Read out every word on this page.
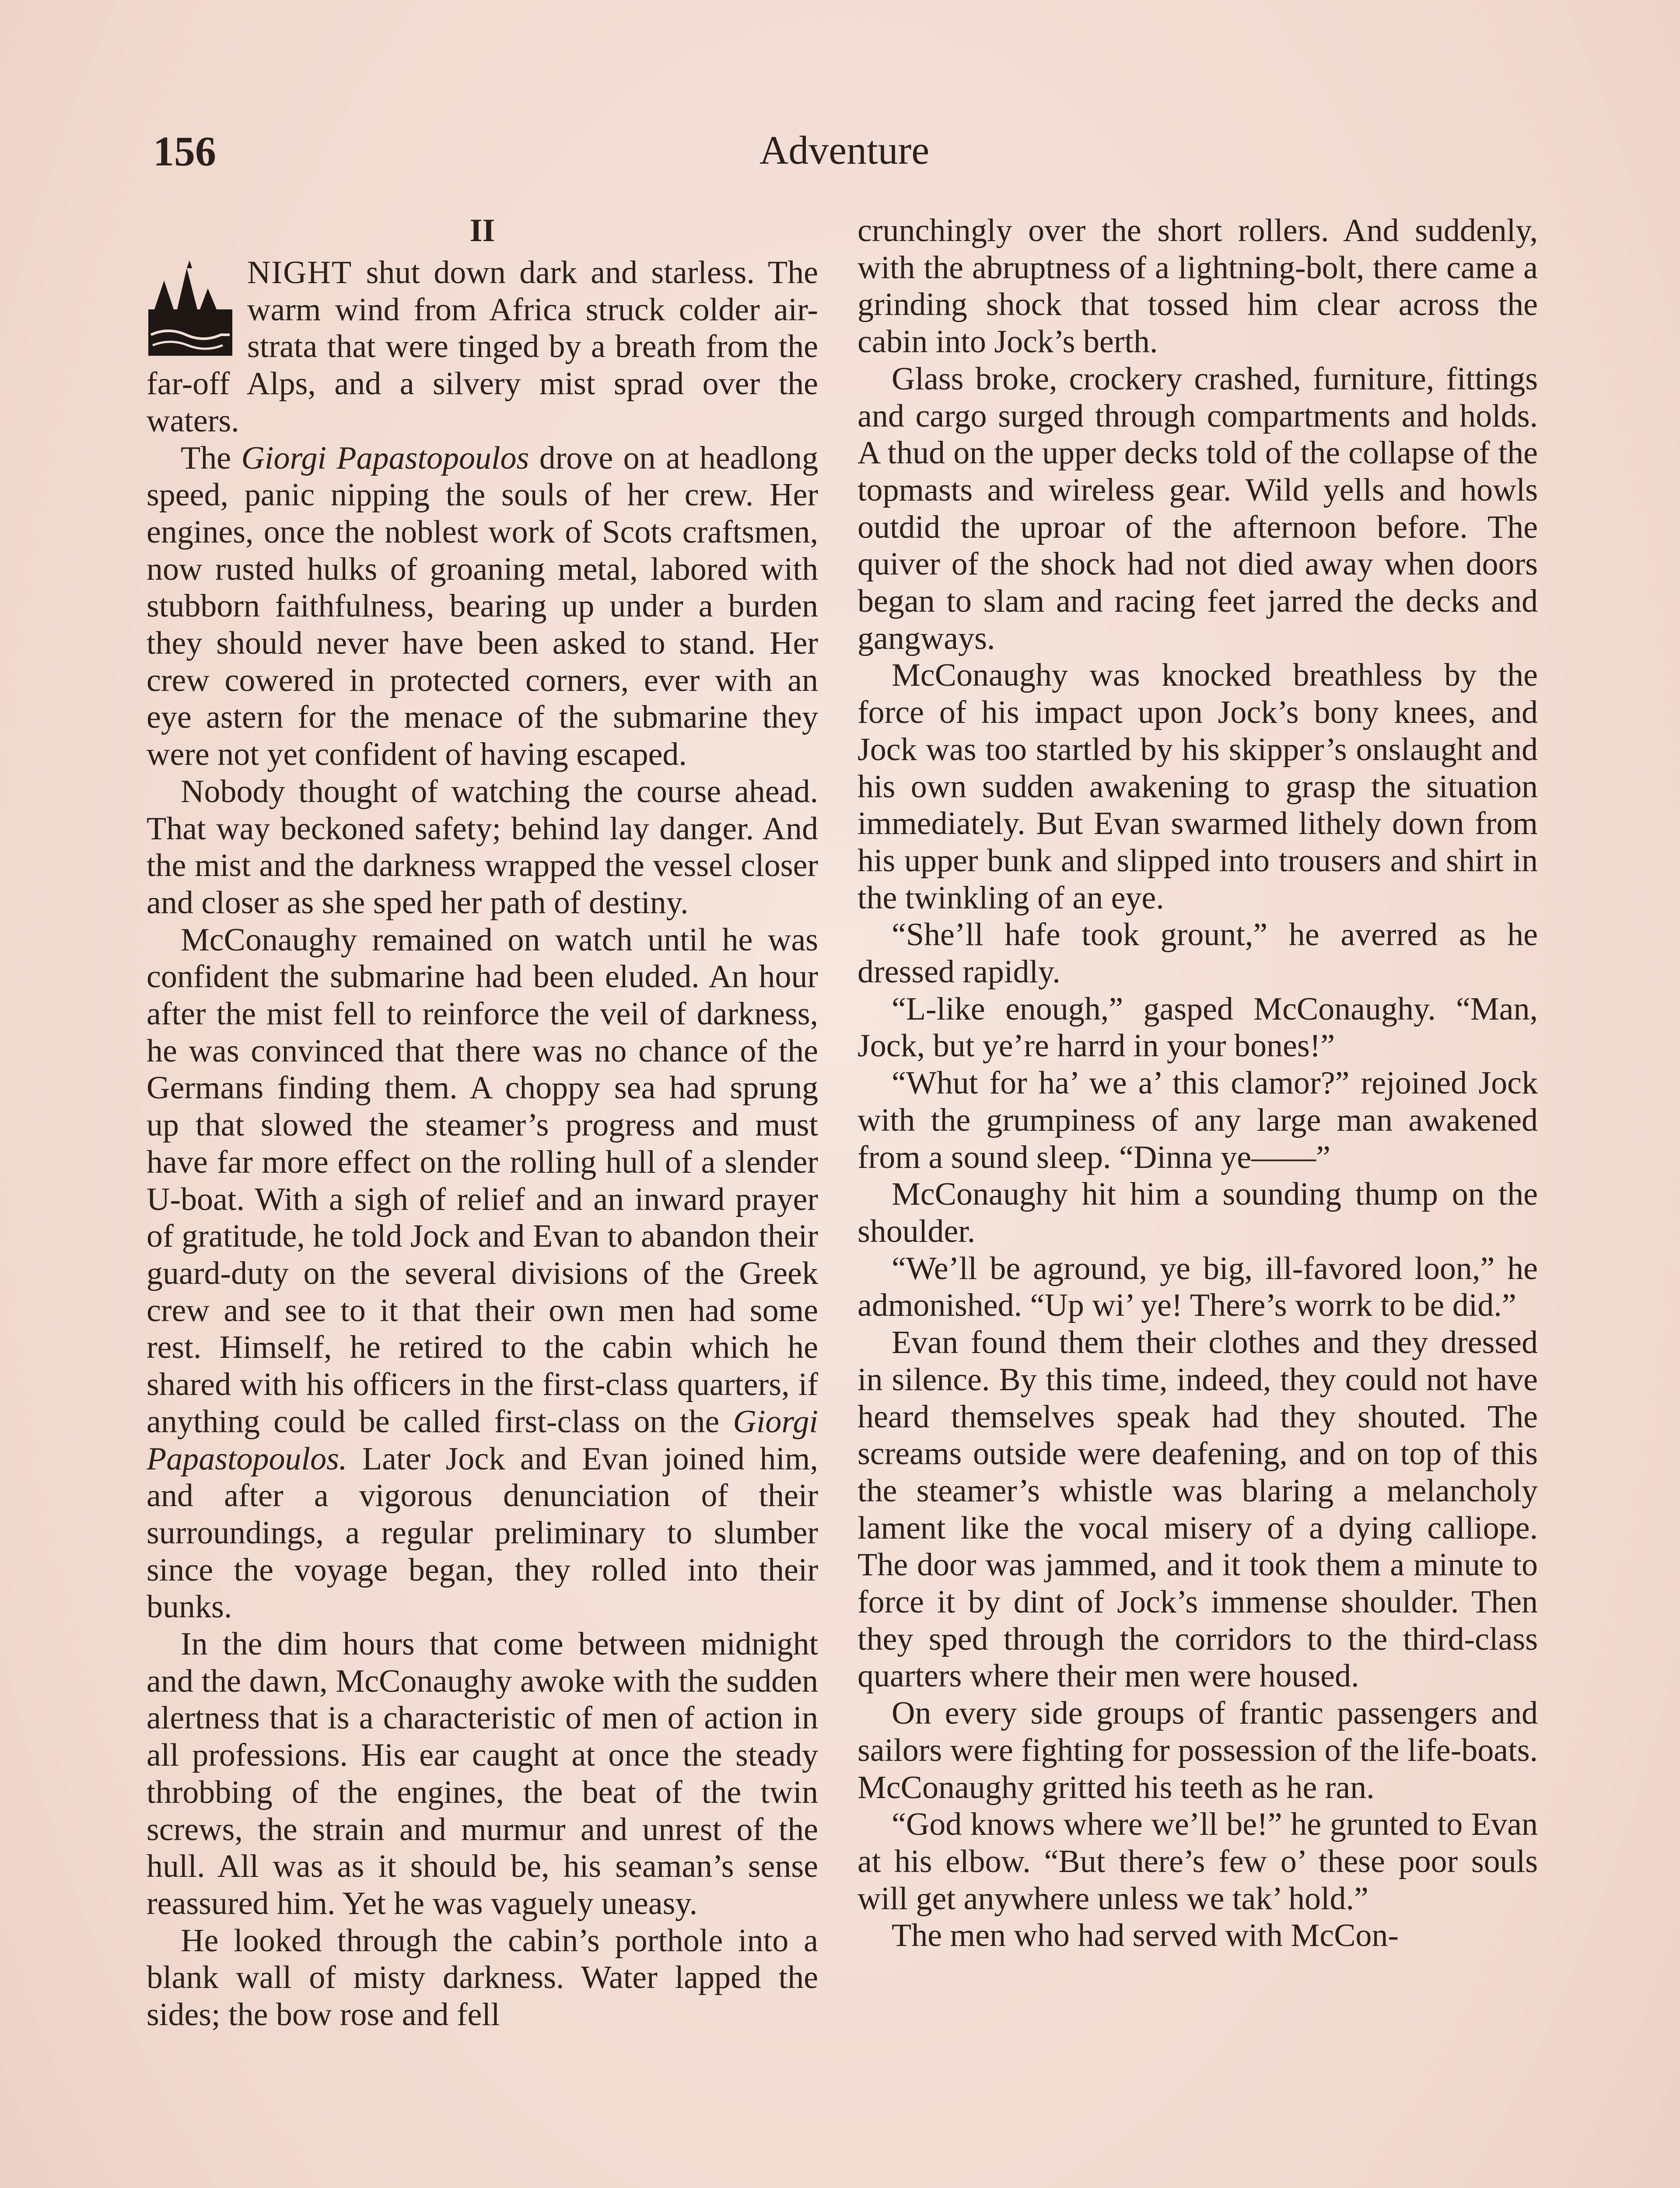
156	Adventure
II

NIGHT shut down dark and starless. The warm wind from Africa struck colder air-strata that were tinged by a breath from the far-off Alps, and a silvery mist sprad over the waters.

The Giorgi Papastopoulos drove on at headlong speed, panic nipping the souls of her crew. Her engines, once the noblest work of Scots craftsmen, now rusted hulks of groaning metal, labored with stubborn faithfulness, bearing up under a burden they should never have been asked to stand. Her crew cowered in protected corners, ever with an eye astern for the menace of the submarine they were not yet confident of having escaped.

Nobody thought of watching the course ahead. That way beckoned safety; behind lay danger. And the mist and the darkness wrapped the vessel closer and closer as she sped her path of destiny.

McConaughy remained on watch until he was confident the submarine had been eluded. An hour after the mist fell to reinforce the veil of darkness, he was convinced that there was no chance of the Germans finding them. A choppy sea had sprung up that slowed the steamer’s progress and must have far more effect on the rolling hull of a slender U-boat. With a sigh of relief and an inward prayer of gratitude, he told Jock and Evan to abandon their guard-duty on the several divisions of the Greek crew and see to it that their own men had some rest. Himself, he retired to the cabin which he shared with his officers in the first-class quarters, if anything could be called first-class on the Giorgi Papastopoulos. Later Jock and Evan joined him, and after a vigorous denunciation of their surroundings, a regular preliminary to slumber since the voyage began, they rolled into their bunks.

In the dim hours that come between midnight and the dawn, McConaughy awoke with the sudden alertness that is a characteristic of men of action in all professions. His ear caught at once the steady throbbing of the engines, the beat of the twin screws, the strain and murmur and unrest of the hull. All was as it should be, his seaman’s sense reassured him. Yet he was vaguely uneasy.

He looked through the cabin’s porthole into a blank wall of misty darkness. Water lapped the sides; the bow rose and fell

crunchingly over the short rollers. And suddenly, with the abruptness of a lightning-bolt, there came a grinding shock that tossed him clear across the cabin into Jock’s berth.

Glass broke, crockery crashed, furniture, fittings and cargo surged through compartments and holds. A thud on the upper decks told of the collapse of the topmasts and wireless gear. Wild yells and howls outdid the uproar of the afternoon before. The quiver of the shock had not died away when doors began to slam and racing feet jarred the decks and gangways.

McConaughy was knocked breathless by the force of his impact upon Jock’s bony knees, and Jock was too startled by his skipper’s onslaught and his own sudden awakening to grasp the situation immediately. But Evan swarmed lithely down from his upper bunk and slipped into trousers and shirt in the twinkling of an eye.

“She’ll hafe took grount,” he averred as he dressed rapidly.

“L-like enough,” gasped McConaughy. “Man, Jock, but ye’re harrd in your bones!”

“Whut for ha’ we a’ this clamor?” rejoined Jock with the grumpiness of any large man awakened from a sound sleep. “Dinna ye——”

McConaughy hit him a sounding thump on the shoulder.

“We’ll be aground, ye big, ill-favored loon,” he admonished. “Up wi’ ye! There’s worrk to be did.”

Evan found them their clothes and they dressed in silence. By this time, indeed, they could not have heard themselves speak had they shouted. The screams outside were deafening, and on top of this the steamer’s whistle was blaring a melancholy lament like the vocal misery of a dying calliope. The door was jammed, and it took them a minute to force it by dint of Jock’s immense shoulder. Then they sped through the corridors to the third-class quarters where their men were housed.

On every side groups of frantic passengers and sailors were fighting for possession of the life-boats. McConaughy gritted his teeth as he ran.

“God knows where we’ll be!” he grunted to Evan at his elbow. “But there’s few o’ these poor souls will get anywhere unless we tak’ hold.”

The men who had served with McCon-
